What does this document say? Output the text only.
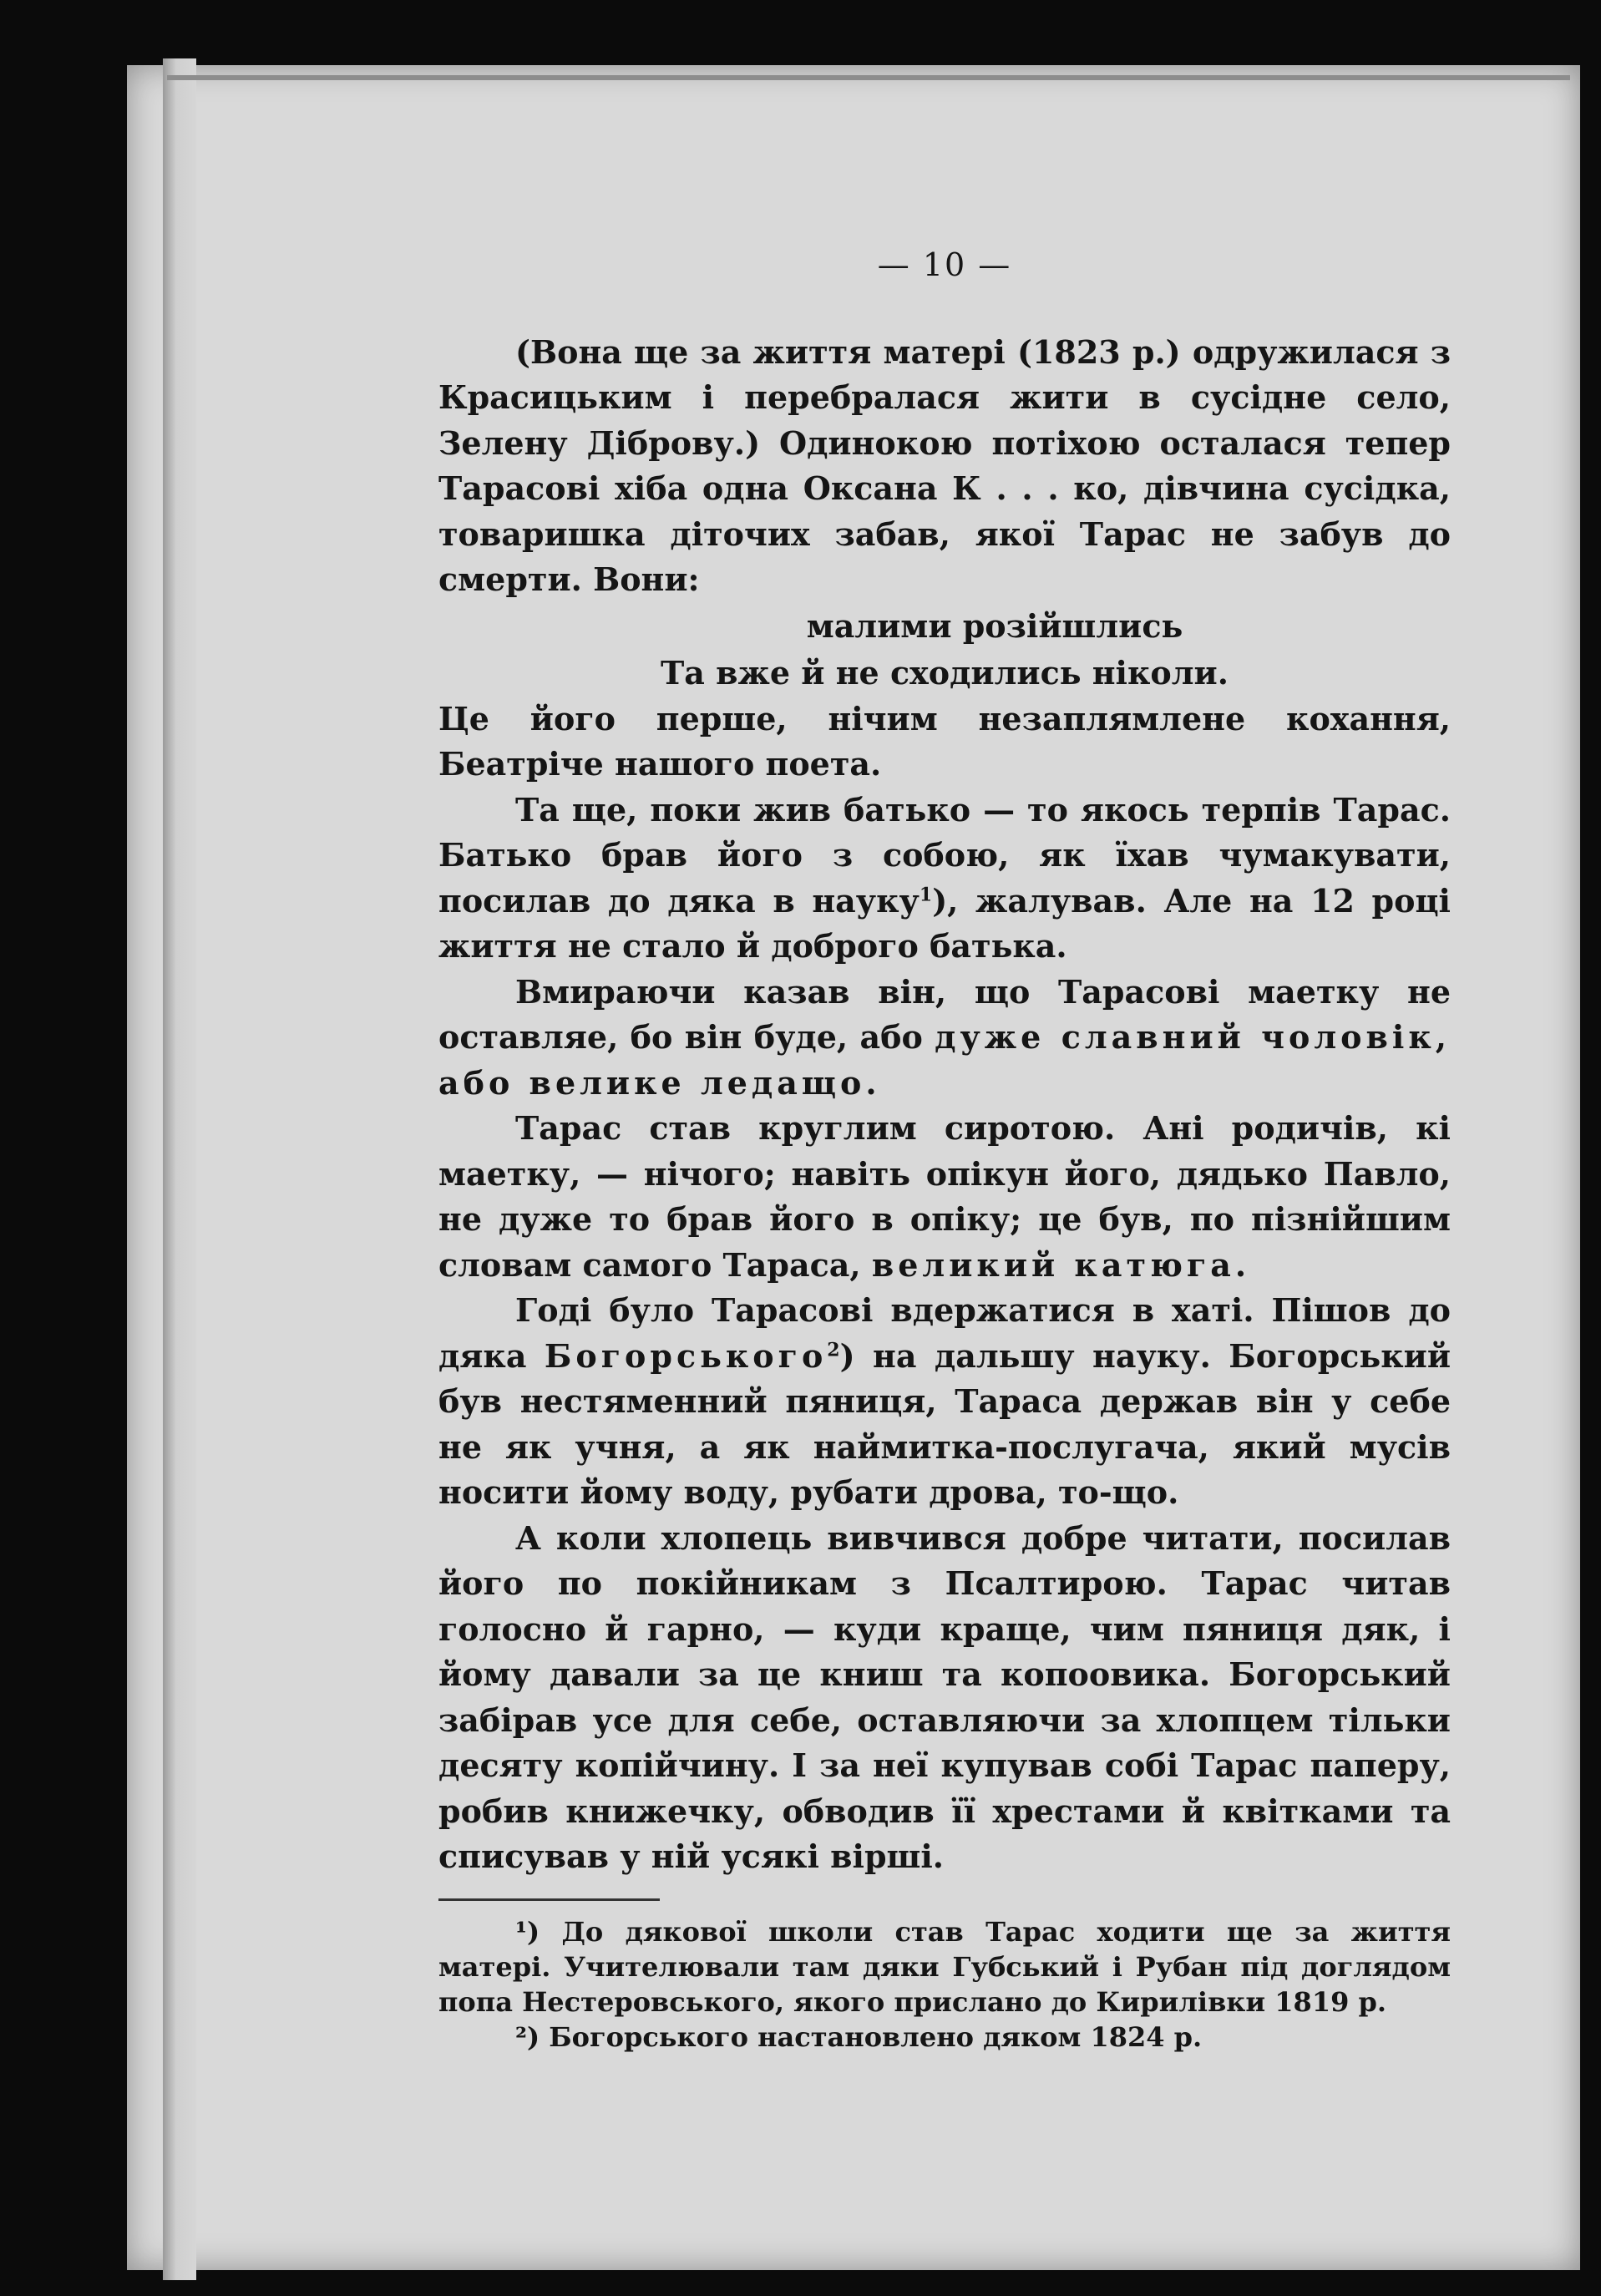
— 10 —

(Вона ще за життя матері (1823 р.) одружилася з Красицьким і перебралася жити в сусідне село, Зелену Діброву.) Одинокою потіхою осталася тепер Тарасові хіба одна Оксана К . . . ко, дівчина сусідка, товаришка діточих забав, якої Тарас не забув до смерти. Вони:

малими розійшлись
Та вже й не сходились ніколи.

Це його перше, нічим незаплямлене кохання, Беатріче нашого поета.

Та ще, поки жив батько — то якось терпів Тарас. Батько брав його з собою, як їхав чумакувати, посилав до дяка в науку$^1$), жалував. Але на 12 році життя не стало й доброго батька.

Вмираючи казав він, що Тарасові маетку не оставляе, бо він буде, або дуже славний чоловік, або велике ледащо.

Тарас став круглим сиротою. Ані родичів, кі маетку, — нічого; навіть опікун його, дядько Павло, не дуже то брав його в опіку; це був, по пізнійшим словам самого Тараса, великий катюга.

Годі було Тарасові вдержатися в хаті. Пішов до дяка Богорського$^2$) на дальшу науку. Богорський був нестяменний пяниця, Тараса держав він у себе не як учня, а як наймитка-послугача, який мусів носити йому воду, рубати дрова, то-що.

А коли хлопець вивчився добре читати, посилав його по покійникам з Псалтирою. Тарас читав голосно й гарно, — куди краще, чим пяниця дяк, і йому давали за це книш та копоовика. Богорський забірав усе для себе, оставляючи за хлопцем тільки десяту копійчину. І за неї купував собі Тарас паперу, робив книжечку, обводив її хрестами й квітками та списував у ній усякі вірші.

¹) До дякової школи став Тарас ходити ще за життя матері. Учителювали там дяки Губський і Рубан під доглядом попа Нестеровського, якого прислано до Кирилівки 1819 р.

²) Богорського настановлено дяком 1824 р.
